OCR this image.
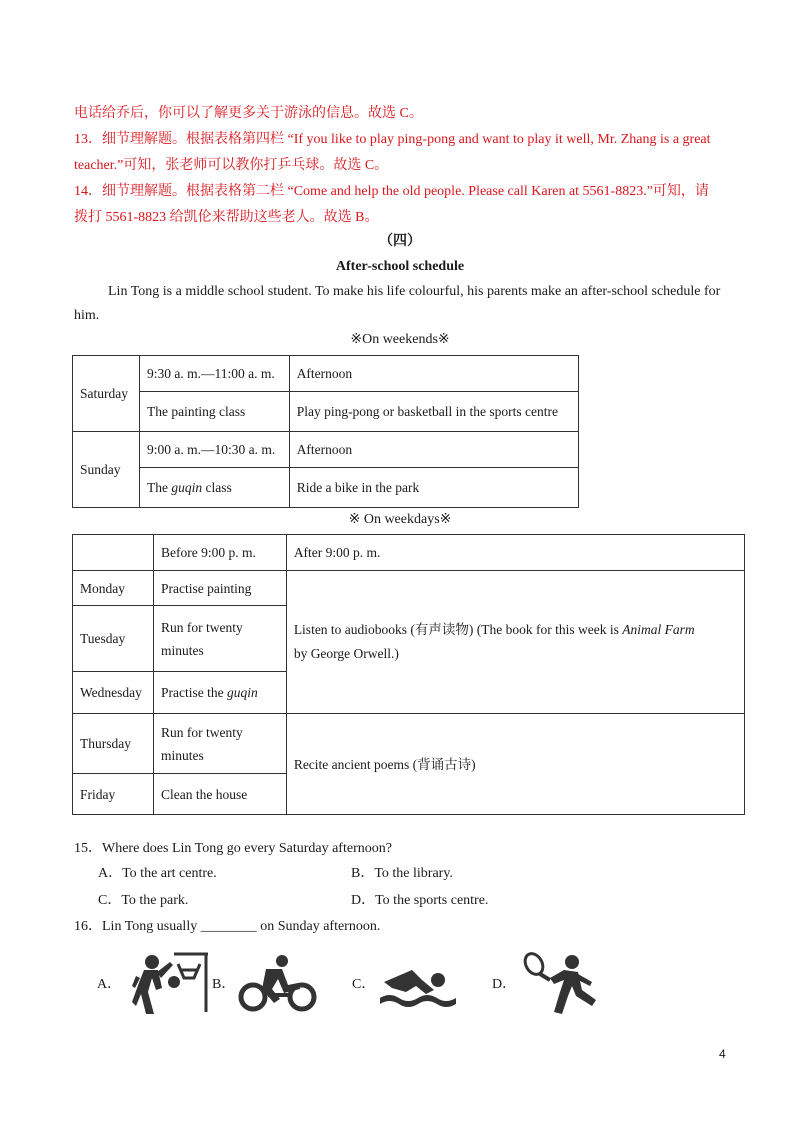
电话给乔后，你可以了解更多关于游泳的信息。故选 C。
13．细节理解题。根据表格第四栏 “If you like to play ping-pong and want to play it well, Mr. Zhang is a great
teacher.”可知，张老师可以教你打乒乓球。故选 C。
14．细节理解题。根据表格第二栏 “Come and help the old people. Please call Karen at 5561-8823.”可知，请
拨打 5561-8823 给凯伦来帮助这些老人。故选 B。
（四）
After-school schedule
Lin Tong is a middle school student. To make his life colourful, his parents make an after-school schedule for
him.
※On weekends※
Saturday	9:30 a. m.—11:00 a. m.	Afternoon
	The painting class	Play ping-pong or basketball in the sports centre
Sunday	9:00 a. m.—10:30 a. m.	Afternoon
	The guqin class	Ride a bike in the park
※ On weekdays※
	Before 9:00 p. m.	After 9:00 p. m.
Monday	Practise painting	Listen to audiobooks (有声读物) (The book for this week is Animal Farm
by George Orwell.)
Tuesday	Run for twenty
minutes	
Wednesday	Practise the guqin	
Thursday	Run for twenty
minutes	Recite ancient poems (背诵古诗)
Friday	Clean the house	
15．Where does Lin Tong go every Saturday afternoon?
A．To the art centre.	B．To the library.
C．To the park.	D．To the sports centre.
16．Lin Tong usually ________ on Sunday afternoon.
A．	B．	C．	D．
4
